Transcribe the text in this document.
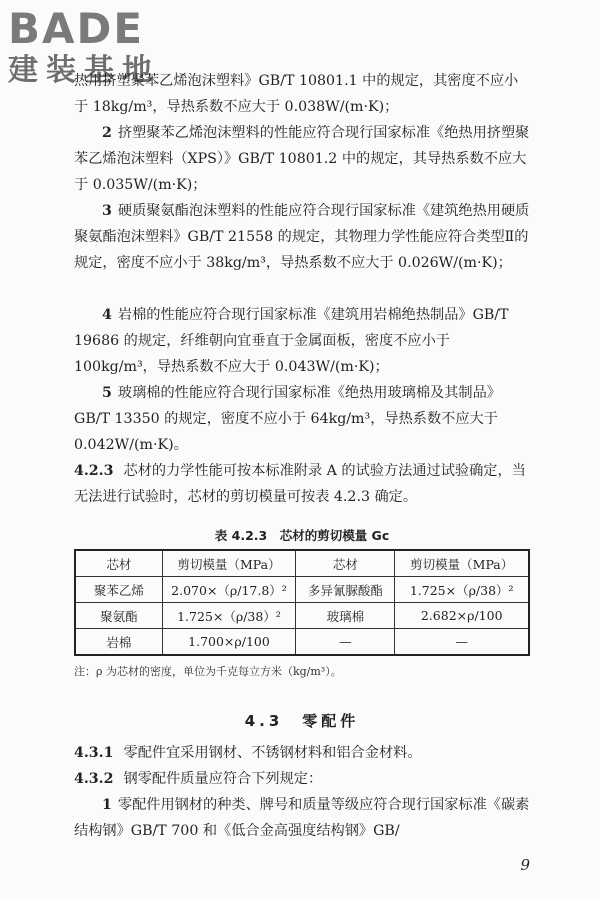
BADE
建装基地

热用挤塑聚苯乙烯泡沫塑料》GB/T 10801.1 中的规定，其密度不应小于 18kg/m³，导热系数不应大于 0.038W/(m·K)；

2 挤塑聚苯乙烯泡沫塑料的性能应符合现行国家标准《绝热用挤塑聚苯乙烯泡沫塑料（XPS）》GB/T 10801.2 中的规定，其导热系数不应大于 0.035W/(m·K)；

3 硬质聚氨酯泡沫塑料的性能应符合现行国家标准《建筑绝热用硬质聚氨酯泡沫塑料》GB/T 21558 的规定，其物理力学性能应符合类型Ⅱ的规定，密度不应小于 38kg/m³，导热系数不应大于 0.026W/(m·K)；

4 岩棉的性能应符合现行国家标准《建筑用岩棉绝热制品》GB/T 19686 的规定，纤维朝向宜垂直于金属面板，密度不应小于 100kg/m³，导热系数不应大于 0.043W/(m·K)；

5 玻璃棉的性能应符合现行国家标准《绝热用玻璃棉及其制品》GB/T 13350 的规定，密度不应小于 64kg/m³，导热系数不应大于 0.042W/(m·K)。

4.2.3 芯材的力学性能可按本标准附录 A 的试验方法通过试验确定，当无法进行试验时，芯材的剪切模量可按表 4.2.3 确定。

表 4.2.3　芯材的剪切模量 Gc
芯材	剪切模量（MPa）	芯材	剪切模量（MPa）
聚苯乙烯	2.070×（ρ/17.8）²	多异氰脲酸酯	1.725×（ρ/38）²
聚氨酯	1.725×（ρ/38）²	玻璃棉	2.682×ρ/100
岩棉	1.700×ρ/100	—	—
注：ρ 为芯材的密度，单位为千克每立方米（kg/m³）。
4.3　零配件

4.3.1 零配件宜采用钢材、不锈钢材料和铝合金材料。

4.3.2 钢零配件质量应符合下列规定：

1 零配件用钢材的种类、牌号和质量等级应符合现行国家标准《碳素结构钢》GB/T 700 和《低合金高强度结构钢》GB/

9
